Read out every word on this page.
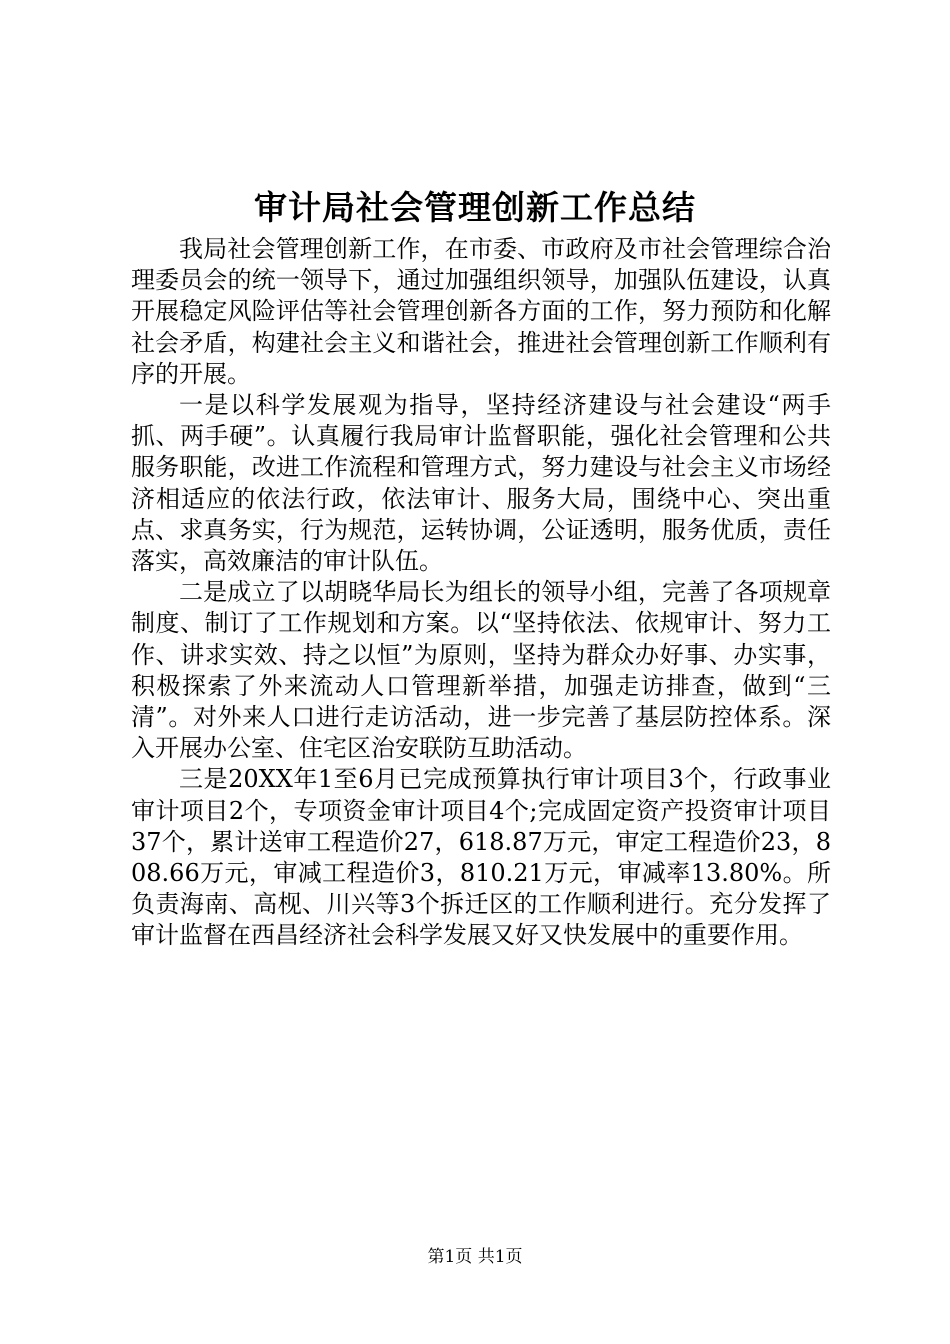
审计局社会管理创新工作总结

我局社会管理创新工作，在市委、市政府及市社会管理综合治理委员会的统一领导下，通过加强组织领导，加强队伍建设，认真开展稳定风险评估等社会管理创新各方面的工作，努力预防和化解社会矛盾，构建社会主义和谐社会，推进社会管理创新工作顺利有序的开展。

一是以科学发展观为指导，坚持经济建设与社会建设“两手抓、两手硬”。认真履行我局审计监督职能，强化社会管理和公共服务职能，改进工作流程和管理方式，努力建设与社会主义市场经济相适应的依法行政，依法审计、服务大局，围绕中心、突出重点、求真务实，行为规范，运转协调，公证透明，服务优质，责任落实，高效廉洁的审计队伍。

二是成立了以胡晓华局长为组长的领导小组，完善了各项规章制度、制订了工作规划和方案。以“坚持依法、依规审计、努力工作、讲求实效、持之以恒”为原则，坚持为群众办好事、办实事，积极探索了外来流动人口管理新举措，加强走访排查，做到“三清”。对外来人口进行走访活动，进一步完善了基层防控体系。深入开展办公室、住宅区治安联防互助活动。

三是20XX年1至6月已完成预算执行审计项目3个，行政事业审计项目2个，专项资金审计项目4个;完成固定资产投资审计项目37个，累计送审工程造价27，618.87万元，审定工程造价23，808.66万元，审减工程造价3，810.21万元，审减率13.80%。所负责海南、高枧、川兴等3个拆迁区的工作顺利进行。充分发挥了审计监督在西昌经济社会科学发展又好又快发展中的重要作用。

第1页 共1页
